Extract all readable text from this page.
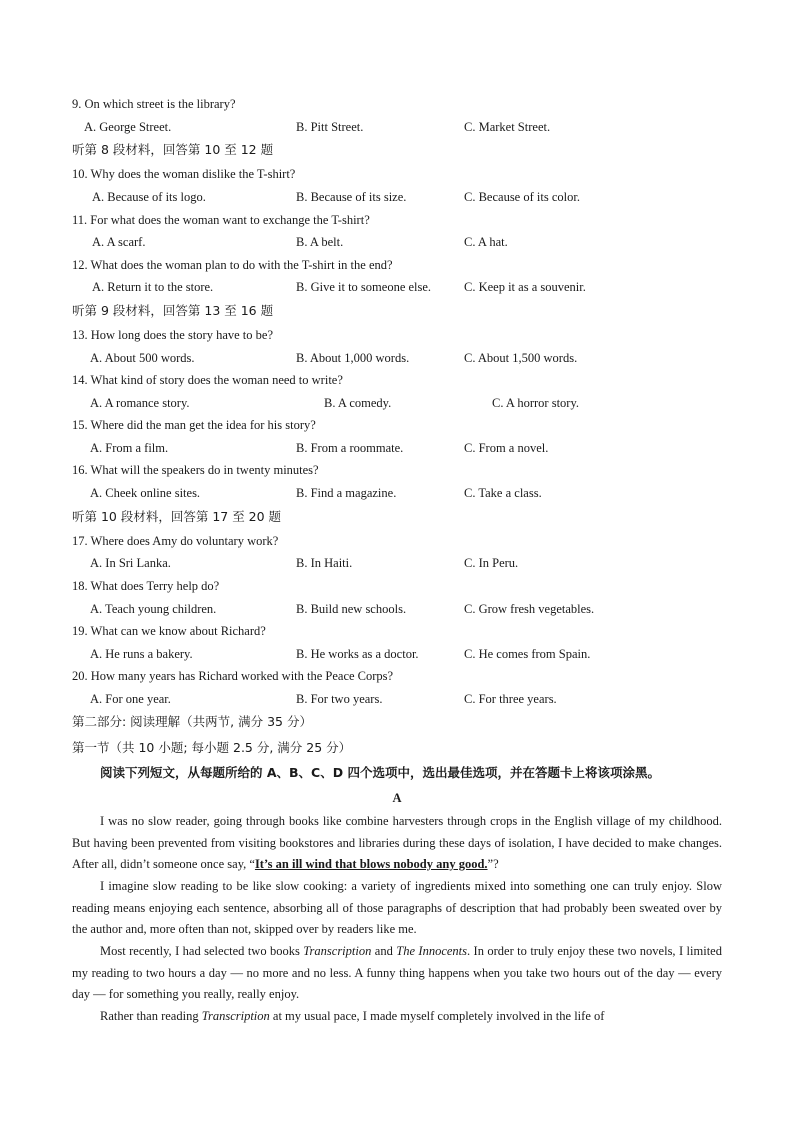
9. On which street is the library?
A. George Street.	B. Pitt Street.	C. Market Street.
听第 8 段材料，回答第 10 至 12 题
10. Why does the woman dislike the T-shirt?
A. Because of its logo.	B. Because of its size.	C. Because of its color.
11. For what does the woman want to exchange the T-shirt?
A. A scarf.	B. A belt.	C. A hat.
12. What does the woman plan to do with the T-shirt in the end?
A. Return it to the store.	B. Give it to someone else.	C. Keep it as a souvenir.
听第 9 段材料，回答第 13 至 16 题
13. How long does the story have to be?
A. About 500 words.	B. About 1,000 words.	C. About 1,500 words.
14. What kind of story does the woman need to write?
A. A romance story.	B. A comedy.	C. A horror story.
15. Where did the man get the idea for his story?
A. From a film.	B. From a roommate.	C. From a novel.
16. What will the speakers do in twenty minutes?
A. Cheek online sites.	B. Find a magazine.	C. Take a class.
听第 10 段材料，回答第 17 至 20 题
17. Where does Amy do voluntary work?
A. In Sri Lanka.	B. In Haiti.	C. In Peru.
18. What does Terry help do?
A. Teach young children.	B. Build new schools.	C. Grow fresh vegetables.
19. What can we know about Richard?
A. He runs a bakery.	B. He works as a doctor.	C. He comes from Spain.
20. How many years has Richard worked with the Peace Corps?
A. For one year.	B. For two years.	C. For three years.
第二部分: 阅读理解（共两节, 满分 35 分）
第一节（共 10 小题; 每小题 2.5 分, 满分 25 分）
阅读下列短文，从每题所给的 A、B、C、D 四个选项中，选出最佳选项，并在答题卡上将该项涂黑。
A
I was no slow reader, going through books like combine harvesters through crops in the English village of my childhood. But having been prevented from visiting bookstores and libraries during these days of isolation, I have decided to make changes. After all, didn’t someone once say, “It’s an ill wind that blows nobody any good.”?
I imagine slow reading to be like slow cooking: a variety of ingredients mixed into something one can truly enjoy. Slow reading means enjoying each sentence, absorbing all of those paragraphs of description that had probably been sweated over by the author and, more often than not, skipped over by readers like me.
Most recently, I had selected two books Transcription and The Innocents. In order to truly enjoy these two novels, I limited my reading to two hours a day — no more and no less. A funny thing happens when you take two hours out of the day — every day — for something you really, really enjoy.
Rather than reading Transcription at my usual pace, I made myself completely involved in the life of
